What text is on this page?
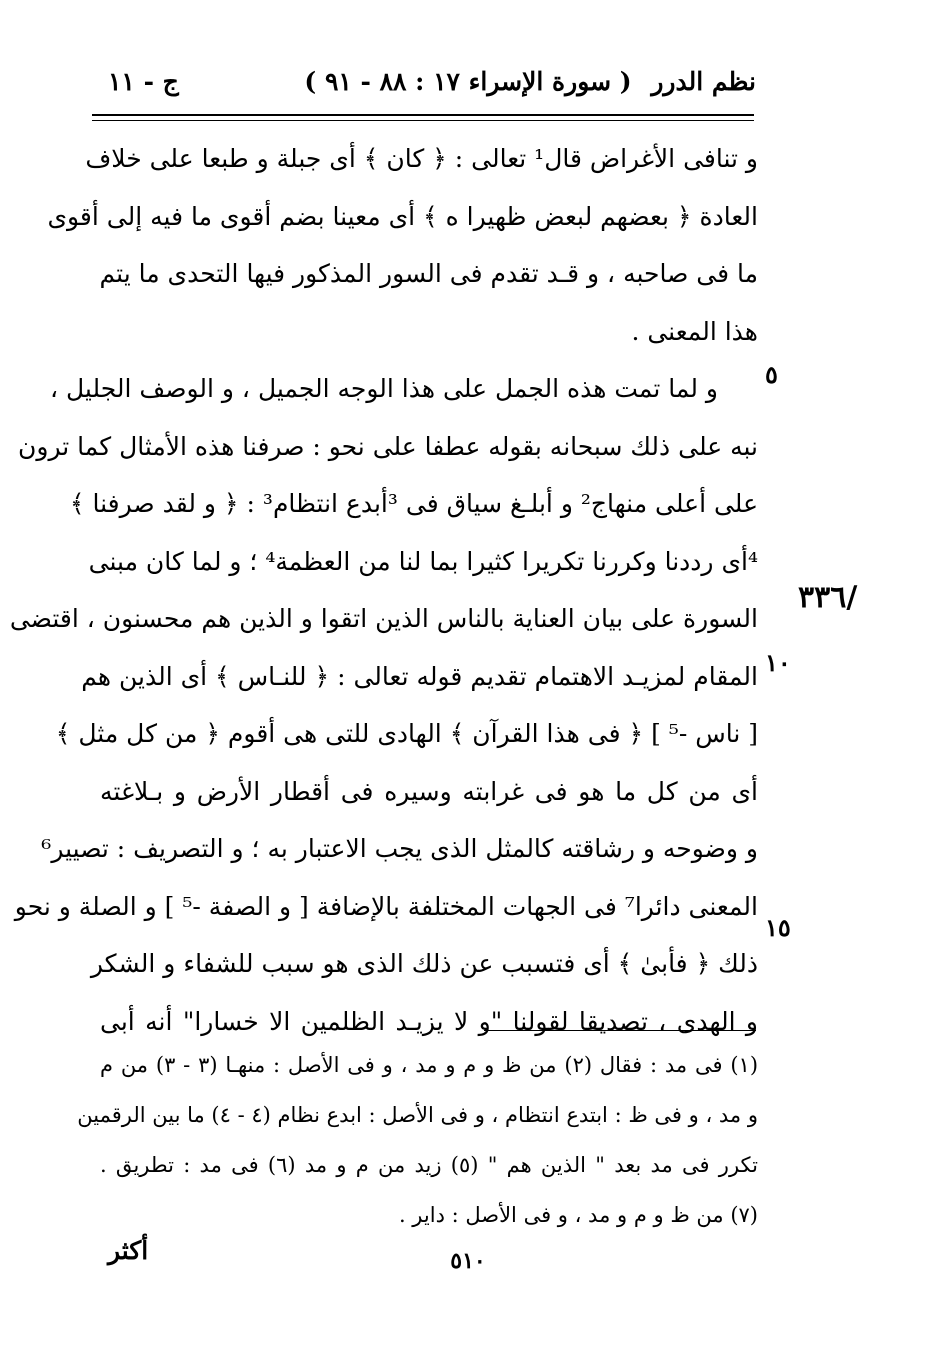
نظم الدرر
( سورة الإسراء ١٧ : ٨٨ - ٩١ )
ج - ١١
٥
١٠
١٥
/٣٣٦
و تنافى الأغراض قال¹ تعالى : ﴿ كان ﴾ أى جبلة و طبعا على خلاف
العادة ﴿ بعضهم لبعض ظهيرا ه ﴾ أى معينا بضم أقوى ما فيه إلى أقوى
ما فى صاحبه ، و قـد تقدم فى السور المذكور فيها التحدى ما يتم
هذا المعنى .
و لما تمت هذه الجمل على هذا الوجه الجميل ، و الوصف الجليل ،
نبه على ذلك سبحانه بقوله عطفا على نحو : صرفنا هذه الأمثال كما ترون
على أعلى منهاج² و أبلـغ سياق فى ³أبدع انتظام³ : ﴿ و لقد صرفنا ﴾
⁴أى رددنا وكررنا تكريرا كثيرا بما لنا من العظمة⁴ ؛ و لما كان مبنى
السورة على بيان العناية بالناس الذين اتقوا و الذين هم محسنون ، اقتضى
المقام لمزيـد الاهتمام تقديم قوله تعالى : ﴿ للنـاس ﴾ أى الذين هم
[ ناس -⁵ ] ﴿ فى هذا القرآن ﴾ الهادى للتى هى أقوم ﴿ من كل مثل ﴾
أى من كل ما هو فى غرابته وسيره فى أقطار الأرض و بـلاغته
و وضوحه و رشاقته كالمثل الذى يجب الاعتبار به ؛ و التصريف : تصيير⁶
المعنى دائرا⁷ فى الجهات المختلفة بالإضافة [ و الصفة -⁵ ] و الصلة و نحو
ذلك ﴿ فأبىٰ ﴾ أى فتسبب عن ذلك الذى هو سبب للشفاء و الشكر
و الهدى ، تصديقا لقولنا "و لا يزيـد الظلمين الا خسارا" أنه أبى
(١) فى مد : فقال (٢) من ظ و م و مد ، و فى الأصل : منهـا (٣ - ٣) من م
و مد ، و فى ظ : ابتدع انتظام ، و فى الأصل : ابدع نظام (٤ - ٤) ما بين الرقمين
تكرر فى مد بعد " الذين هم " (٥) زيد من م و مد (٦) فى مد : تطريق .
(٧) من ظ و م و مد ، و فى الأصل : داير .
٥١٠
أكثر
